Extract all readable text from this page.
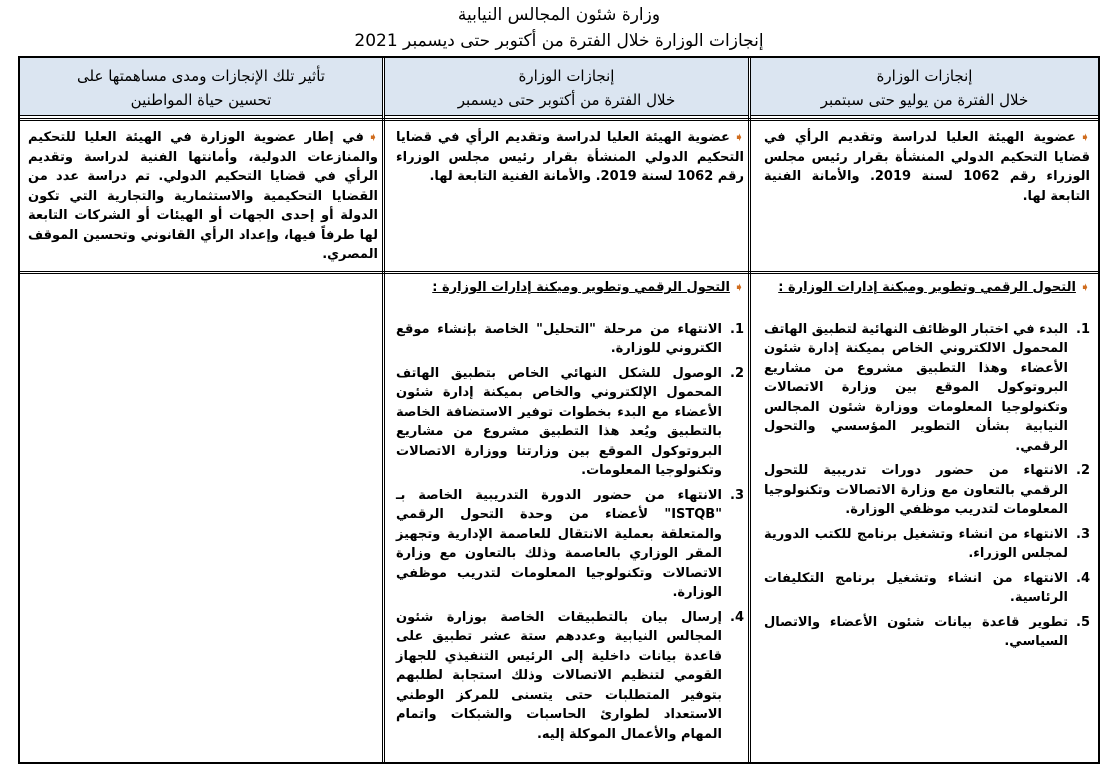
وزارة شئون المجالس النيابية
إنجازات الوزارة خلال الفترة من أكتوبر حتى ديسمبر 2021
إنجازات الوزارة
خلال الفترة من يوليو حتى سبتمبر
إنجازات الوزارة
خلال الفترة من أكتوبر حتى ديسمبر
تأثير تلك الإنجازات ومدى مساهمتها على
تحسين حياة المواطنين
➧عضوية الهيئة العليا لدراسة وتقديم الرأي في قضايا التحكيم الدولي المنشأة بقرار رئيس مجلس الوزراء رقم 1062 لسنة 2019. والأمانة الفنية التابعة لها.
➧عضوية الهيئة العليا لدراسة وتقديم الرأي في قضايا التحكيم الدولي المنشأة بقرار رئيس مجلس الوزراء رقم 1062 لسنة 2019. والأمانة الفنية التابعة لها.
➧في إطار عضوية الوزارة في الهيئة العليا للتحكيم والمنازعات الدولية، وأمانتها الفنية لدراسة وتقديم الرأي في قضايا التحكيم الدولي. تم دراسة عدد من القضايا التحكيمية والاستثمارية والتجارية التي تكون الدولة أو إحدى الجهات أو الهيئات أو الشركات التابعة لها طرفاً فيها، وإعداد الرأي القانوني وتحسين الموقف المصري.
➧التحول الرقمي وتطوير وميكنة إدارات الوزارة :
1.
البدء في اختبار الوظائف النهائية لتطبيق الهاتف المحمول الالكتروني الخاص بميكنة إدارة شئون الأعضاء وهذا التطبيق مشروع من مشاريع البروتوكول الموقع بين وزارة الاتصالات وتكنولوجيا المعلومات ووزارة شئون المجالس النيابية بشأن التطوير المؤسسي والتحول الرقمي.
2.
الانتهاء من حضور دورات تدريبية للتحول الرقمي بالتعاون مع وزارة الاتصالات وتكنولوجيا المعلومات لتدريب موظفي الوزارة.
3.
الانتهاء من انشاء وتشغيل برنامج للكتب الدورية لمجلس الوزراء.
4.
الانتهاء من انشاء وتشغيل برنامج التكليفات الرئاسية.
5.
تطوير قاعدة بيانات شئون الأعضاء والاتصال السياسي.
➧التحول الرقمي وتطوير وميكنة إدارات الوزارة :
1.
الانتهاء من مرحلة "التحليل" الخاصة بإنشاء موقع الكتروني للوزارة.
2.
الوصول للشكل النهائي الخاص بتطبيق الهاتف المحمول الإلكتروني والخاص بميكنة إدارة شئون الأعضاء مع البدء بخطوات توفير الاستضافة الخاصة بالتطبيق ويُعد هذا التطبيق مشروع من مشاريع البروتوكول الموقع بين وزارتنا ووزارة الاتصالات وتكنولوجيا المعلومات.
3.
الانتهاء من حضور الدورة التدريبية الخاصة بـ "ISTQB" لأعضاء من وحدة التحول الرقمي والمتعلقة بعملية الانتقال للعاصمة الإدارية وتجهيز المقر الوزاري بالعاصمة وذلك بالتعاون مع وزارة الاتصالات وتكنولوجيا المعلومات لتدريب موظفي الوزارة.
4.
إرسال بيان بالتطبيقات الخاصة بوزارة شئون المجالس النيابية وعددهم ستة عشر تطبيق على قاعدة بيانات داخلية إلى الرئيس التنفيذي للجهاز القومي لتنظيم الاتصالات وذلك استجابة لطلبهم بتوفير المتطلبات حتى يتسنى للمركز الوطني الاستعداد لطوارئ الحاسبات والشبكات واتمام المهام والأعمال الموكلة إليه.
